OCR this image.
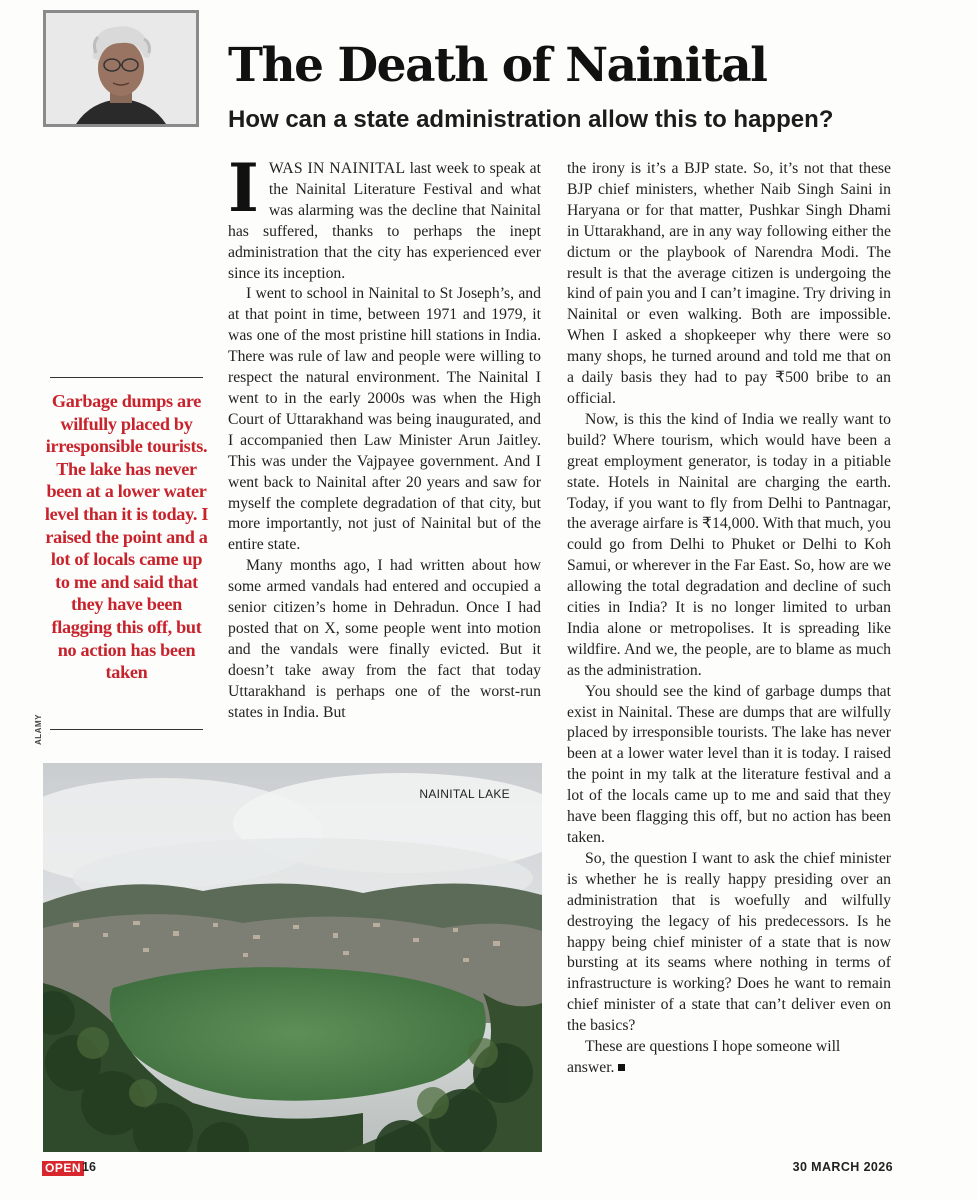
The Death of Nainital
How can a state administration allow this to happen?

Garbage dumps are wilfully placed by irresponsible tourists. The lake has never been at a lower water level than it is today. I raised the point and a lot of locals came up to me and said that they have been flagging this off, but no action has been taken

ALAMY

IWAS IN NAINITAL last week to speak at the Nainital Literature Festival and what was alarming was the decline that Nainital has suffered, thanks to perhaps the inept administration that the city has experienced ever since its inception.

I went to school in Nainital to St Joseph’s, and at that point in time, between 1971 and 1979, it was one of the most pristine hill stations in India. There was rule of law and people were willing to respect the natural environment. The Nainital I went to in the early 2000s was when the High Court of Uttarakhand was being inaugurated, and I accompanied then Law Minister Arun Jaitley. This was under the Vajpayee government. And I went back to Nainital after 20 years and saw for myself the complete degradation of that city, but more importantly, not just of Nainital but of the entire state.

Many months ago, I had written about how some armed vandals had entered and occupied a senior citizen’s home in Dehradun. Once I had posted that on X, some people went into motion and the vandals were finally evicted. But it doesn’t take away from the fact that today Uttarakhand is perhaps one of the worst-run states in India. But

the irony is it’s a BJP state. So, it’s not that these BJP chief ministers, whether Naib Singh Saini in Haryana or for that matter, Pushkar Singh Dhami in Uttarakhand, are in any way following either the dictum or the playbook of Narendra Modi. The result is that the average citizen is undergoing the kind of pain you and I can’t imagine. Try driving in Nainital or even walking. Both are impossible. When I asked a shopkeeper why there were so many shops, he turned around and told me that on a daily basis they had to pay ₹500 bribe to an official.

Now, is this the kind of India we really want to build? Where tourism, which would have been a great employment generator, is today in a pitiable state. Hotels in Nainital are charging the earth. Today, if you want to fly from Delhi to Pantnagar, the average airfare is ₹14,000. With that much, you could go from Delhi to Phuket or Delhi to Koh Samui, or wherever in the Far East. So, how are we allowing the total degradation and decline of such cities in India? It is no longer limited to urban India alone or metropolises. It is spreading like wildfire. And we, the people, are to blame as much as the administration.

You should see the kind of garbage dumps that exist in Nainital. These are dumps that are wilfully placed by irresponsible tourists. The lake has never been at a lower water level than it is today. I raised the point in my talk at the literature festival and a lot of the locals came up to me and said that they have been flagging this off, but no action has been taken.

So, the question I want to ask the chief minister is whether he is really happy presiding over an administration that is woefully and wilfully destroying the legacy of his predecessors. Is he happy being chief minister of a state that is now bursting at its seams where nothing in terms of infrastructure is working? Does he want to remain chief minister of a state that can’t deliver even on the basics?

These are questions I hope someone will answer.

NAINITAL LAKE
OPEN 16	30 MARCH 2026
